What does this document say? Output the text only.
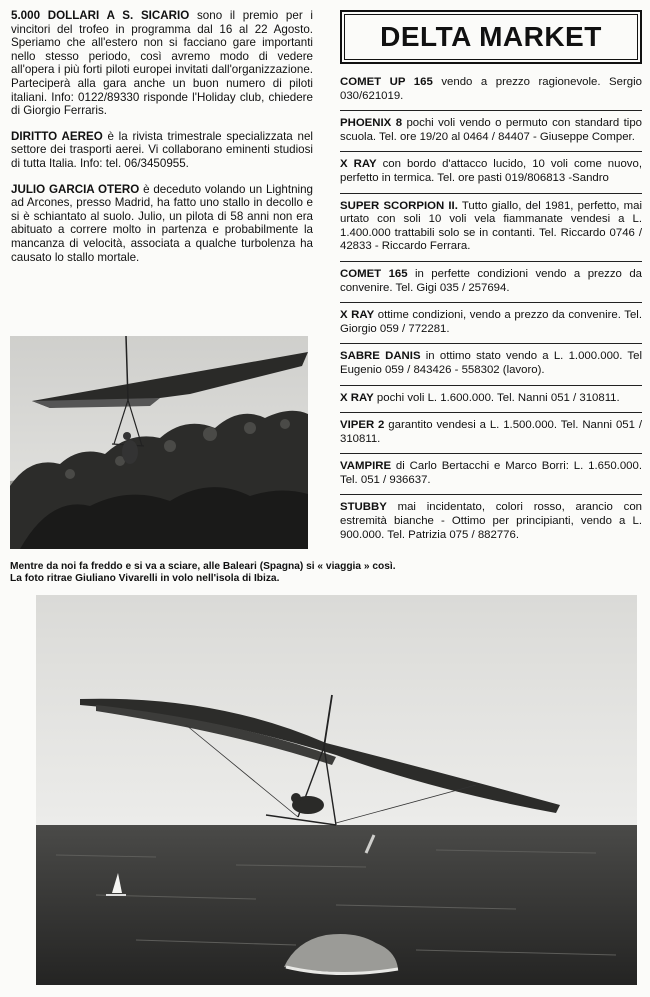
5.000 DOLLARI A S. SICARIO sono il premio per i vincitori del trofeo in programma dal 16 al 22 Agosto. Speriamo che all'estero non si facciano gare importanti nello stesso periodo, così avremo modo di vedere all'opera i più forti piloti europei invitati dall'organizzazione. Parteciperà alla gara anche un buon numero di piloti italiani. Info: 0122/89330 risponde l'Holiday club, chiedere di Giorgio Ferraris.

DIRITTO AEREO è la rivista trimestrale specializzata nel settore dei trasporti aerei. Vi collaborano eminenti studiosi di tutta Italia. Info: tel. 06/3450955.

JULIO GARCIA OTERO è deceduto volando un Lightning ad Arcones, presso Madrid, ha fatto uno stallo in decollo e si è schiantato al suolo. Julio, un pilota di 58 anni non era abituato a correre molto in partenza e probabilmente la mancanza di velocità, associata a qualche turbolenza ha causato lo stallo mortale.

Mentre da noi fa freddo e si va a sciare, alle Baleari (Spagna) si « viaggia » così.
La foto ritrae Giuliano Vivarelli in volo nell'isola di Ibiza.
DELTA MARKET
COMET UP 165 vendo a prezzo ragionevole. Sergio 030/621019.
PHOENIX 8 pochi voli vendo o permuto con standard tipo scuola. Tel. ore 19/20 al 0464 / 84407 - Giuseppe Comper.
X RAY con bordo d'attacco lucido, 10 voli come nuovo, perfetto in termica. Tel. ore pasti 019/806813 -Sandro
SUPER SCORPION II. Tutto giallo, del 1981, perfetto, mai urtato con soli 10 voli vela fiammanate vendesi a L. 1.400.000 trattabili solo se in contanti. Tel. Riccardo 0746 / 42833 - Riccardo Ferrara.
COMET 165 in perfette condizioni vendo a prezzo da convenire. Tel. Gigi 035 / 257694.
X RAY ottime condizioni, vendo a prezzo da convenire. Tel. Giorgio 059 / 772281.
SABRE DANIS in ottimo stato vendo a L. 1.000.000. Tel Eugenio 059 / 843426 - 558302 (lavoro).
X RAY pochi voli L. 1.600.000. Tel. Nanni 051 / 310811.
VIPER 2 garantito vendesi a L. 1.500.000. Tel. Nanni 051 / 310811.
VAMPIRE di Carlo Bertacchi e Marco Borri: L. 1.650.000. Tel. 051 / 936637.
STUBBY mai incidentato, colori rosso, arancio con estremità bianche - Ottimo per principianti, vendo a L. 900.000. Tel. Patrizia 075 / 882776.
